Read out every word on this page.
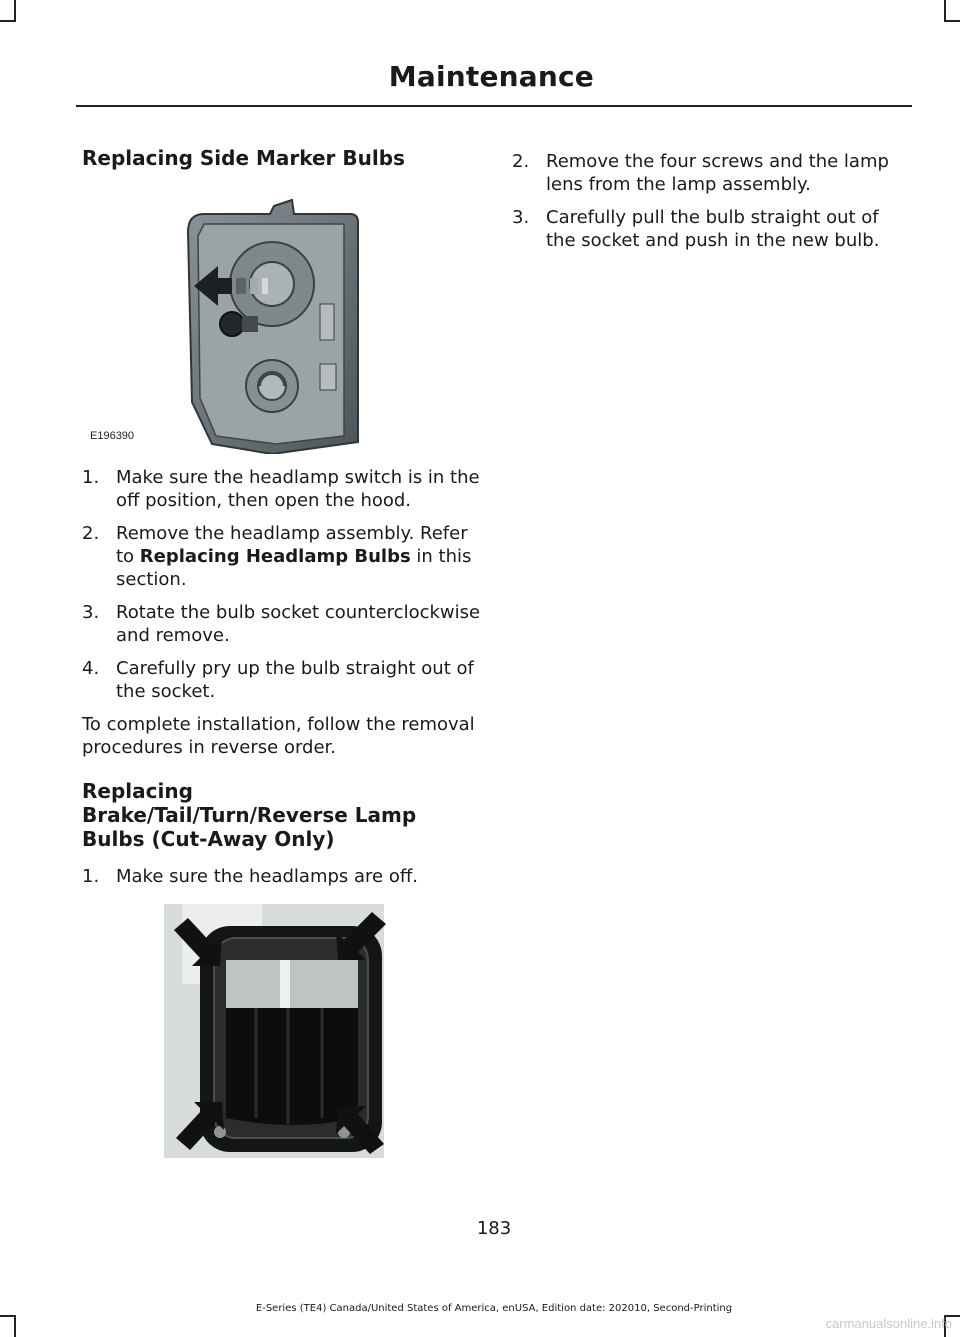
Maintenance
Replacing Side Marker Bulbs
E196390
1. Make sure the headlamp switch is in the off position, then open the hood.
2. Remove the headlamp assembly. Refer to Replacing Headlamp Bulbs in this section.
3. Rotate the bulb socket counterclockwise and remove.
4. Carefully pry up the bulb straight out of the socket.

To complete installation, follow the removal procedures in reverse order.

Replacing
Brake/Tail/Turn/Reverse Lamp
Bulbs (Cut-Away Only)
1. Make sure the headlamps are off.
2. Remove the four screws and the lamp lens from the lamp assembly.
3. Carefully pull the bulb straight out of the socket and push in the new bulb.
183
E-Series (TE4) Canada/United States of America, enUSA, Edition date: 202010, Second-Printing
carmanualsonline.info
